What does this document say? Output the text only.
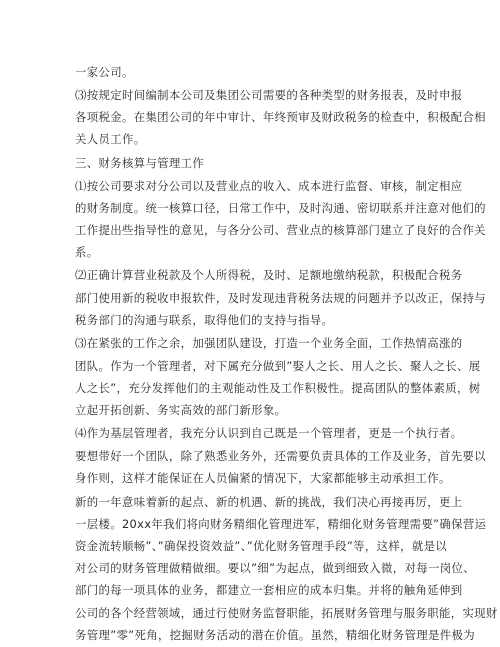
一家公司。
⑶按规定时间编制本公司及集团公司需要的各种类型的财务报表，及时申报
各项税金。在集团公司的年中审计、年终预审及财政税务的检查中，积极配合相
关人员工作。
三、财务核算与管理工作
⑴按公司要求对分公司以及营业点的收入、成本进行监督、审核，制定相应
的财务制度。统一核算口径，日常工作中，及时沟通、密切联系并注意对他们的
工作提出些指导性的意见，与各分公司、营业点的核算部门建立了良好的合作关
系。
⑵正确计算营业税款及个人所得税，及时、足额地缴纳税款，积极配合税务
部门使用新的税收申报软件，及时发现违背税务法规的问题并予以改正，保持与
税务部门的沟通与联系，取得他们的支持与指导。
⑶在紧张的工作之余，加强团队建设，打造一个业务全面，工作热情高涨的
团队。作为一个管理者，对下属充分做到”娶人之长、用人之长、聚人之长、展
人之长”，充分发挥他们的主观能动性及工作积极性。提高团队的整体素质，树
立起开拓创新、务实高效的部门新形象。
⑷作为基层管理者，我充分认识到自己既是一个管理者，更是一个执行者。
要想带好一个团队，除了熟悉业务外，还需要负责具体的工作及业务，首先要以
身作则，这样才能保证在人员偏紧的情况下，大家都能够主动承担工作。
新的一年意味着新的起点、新的机遇、新的挑战，我们决心再接再厉，更上
一层楼。20xx年我们将向财务精细化管理进军，精细化财务管理需要”确保营运
资金流转顺畅”、”确保投资效益”、”优化财务管理手段”等，这样，就是以
对公司的财务管理做精做细。要以”细”为起点，做到细致入微，对每一岗位、
部门的每一项具体的业务，都建立一套相应的成本归集。并将的触角延伸到
公司的各个经营领域，通过行使财务监督职能，拓展财务管理与服务职能，实现财
务管理”零”死角，挖掘财务活动的潜在价值。虽然，精细化财务管理是件极为
